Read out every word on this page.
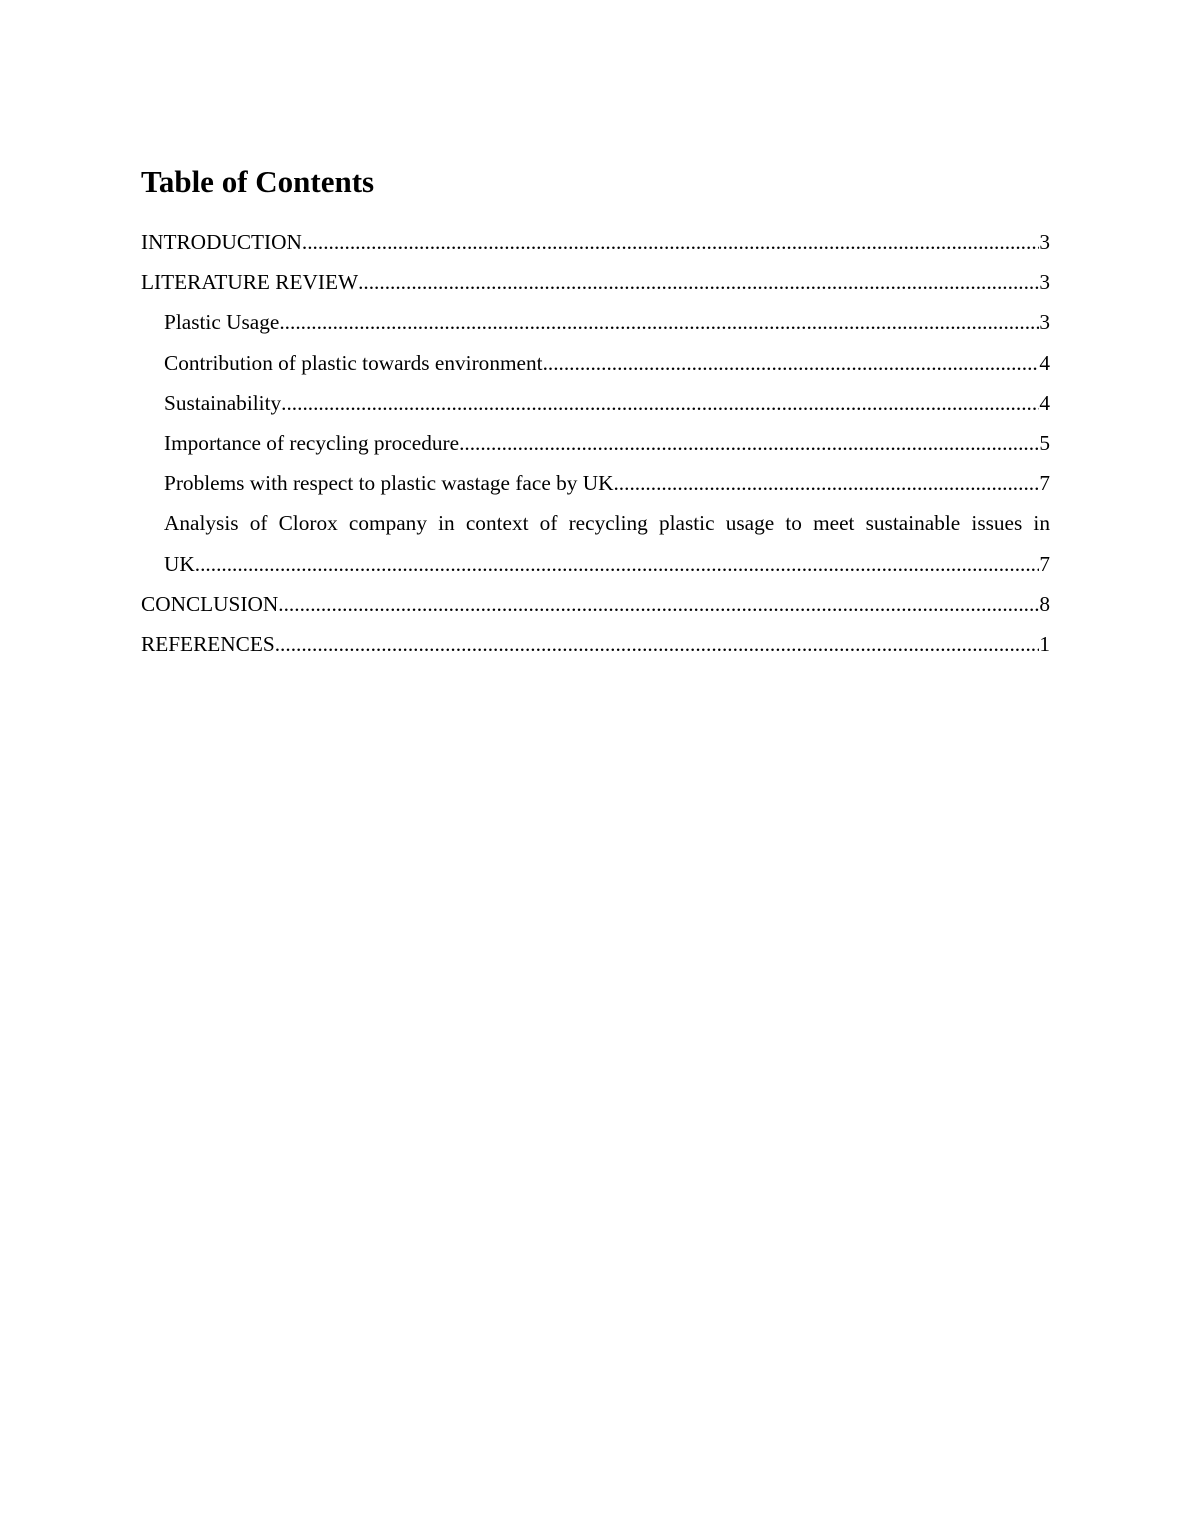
Table of Contents
INTRODUCTION .....	3
LITERATURE REVIEW .....	3
Plastic Usage .....	3
Contribution of plastic towards environment .....	4
Sustainability .....	4
Importance of recycling procedure .....	5
Problems with respect to plastic wastage face by UK .....	7
Analysis of Clorox company in context of recycling plastic usage to meet sustainable issues in
UK .....	7
CONCLUSION .....	8
REFERENCES .....	1
